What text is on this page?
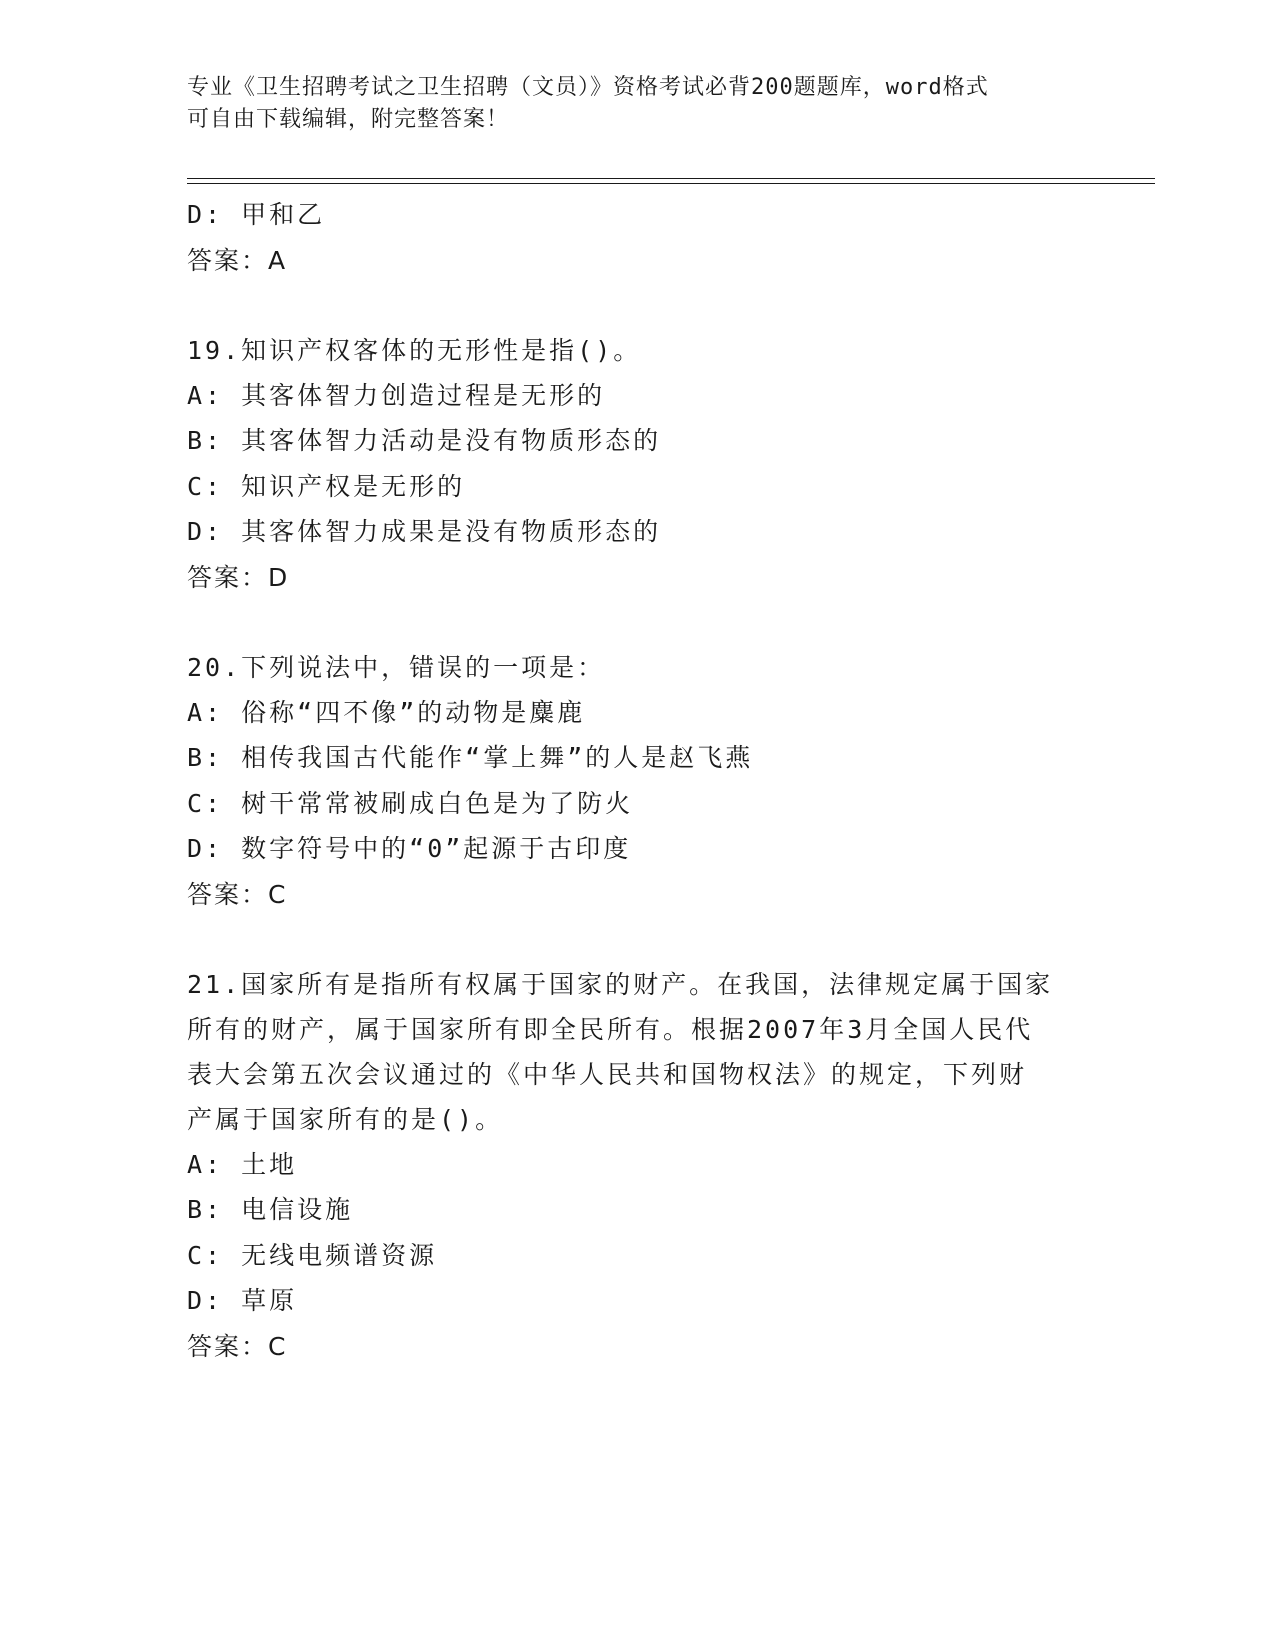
专业《卫生招聘考试之卫生招聘（文员）》资格考试必背200题题库，word格式
可自由下载编辑，附完整答案！
D: 甲和乙
答案：A
19.知识产权客体的无形性是指()。
A: 其客体智力创造过程是无形的
B: 其客体智力活动是没有物质形态的
C: 知识产权是无形的
D: 其客体智力成果是没有物质形态的
答案：D
20.下列说法中，错误的一项是：
A: 俗称“四不像”的动物是麋鹿
B: 相传我国古代能作“掌上舞”的人是赵飞燕
C: 树干常常被刷成白色是为了防火
D: 数字符号中的“0”起源于古印度
答案：C
21.国家所有是指所有权属于国家的财产。在我国，法律规定属于国家
所有的财产，属于国家所有即全民所有。根据2007年3月全国人民代
表大会第五次会议通过的《中华人民共和国物权法》的规定，下列财
产属于国家所有的是()。
A: 土地
B: 电信设施
C: 无线电频谱资源
D: 草原
答案：C
